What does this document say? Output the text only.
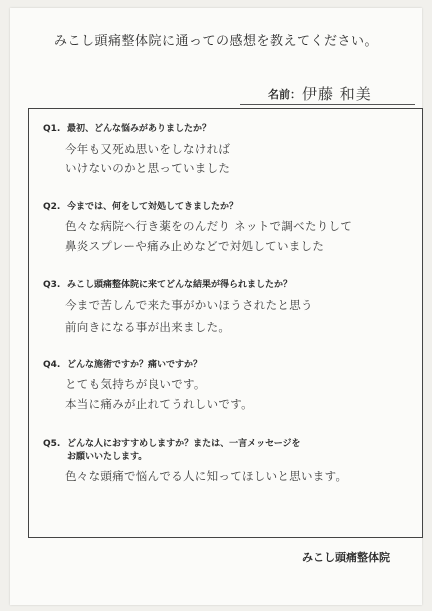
みこし頭痛整体院に通っての感想を教えてください。
名前： 伊藤 和美
Q1. 最初、どんな悩みがありましたか？
今年も又死ぬ思いをしなければ
いけないのかと思っていました
Q2. 今までは、何をして対処してきましたか？
色々な病院へ行き薬をのんだり ネットで調べたりして
鼻炎スプレーや痛み止めなどで対処していました
Q3. みこし頭痛整体院に来てどんな結果が得られましたか？
今まで苦しんで来た事がかいほうされたと思う
前向きになる事が出来ました。
Q4. どんな施術ですか？痛いですか？
とても気持ちが良いです。
本当に痛みが止れてうれしいです。
Q5. どんな人におすすめしますか？または、一言メッセージを
お願いいたします。
色々な頭痛で悩んでる人に知ってほしいと思います。
みこし頭痛整体院
